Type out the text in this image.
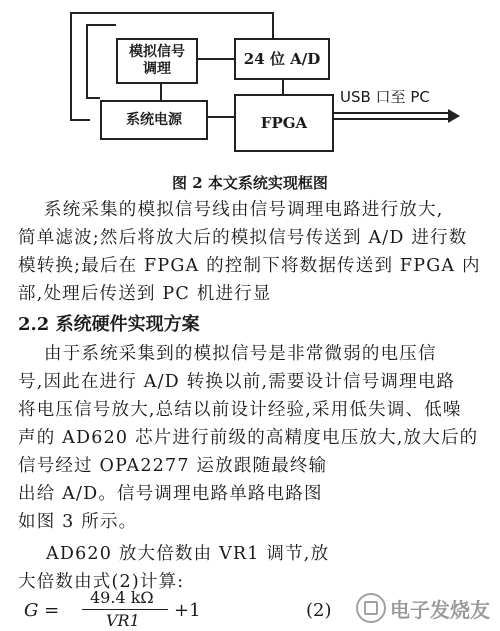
模拟信号
调理
24 位 A/D
系统电源	FPGA
USB 口至 PC
图 2 本文系统实现框图
系统采集的模拟信号线由信号调理电路进行放大,
简单滤波;然后将放大后的模拟信号传送到 A/D 进行数
模转换;最后在 FPGA 的控制下将数据传送到 FPGA 内
部,处理后传送到 PC 机进行显
2.2 系统硬件实现方案
由于系统采集到的模拟信号是非常微弱的电压信
号,因此在进行 A/D 转换以前,需要设计信号调理电路
将电压信号放大,总结以前设计经验,采用低失调、低噪
声的 AD620 芯片进行前级的高精度电压放大,放大后的
信号经过 OPA2277 运放跟随最终输
出给 A/D。信号调理电路单路电路图
如图 3 所示。
AD620 放大倍数由 VR1 调节,放
大倍数由式(2)计算:
G =
49.4 kΩ
VR1 +1	(2)	电子发烧友
